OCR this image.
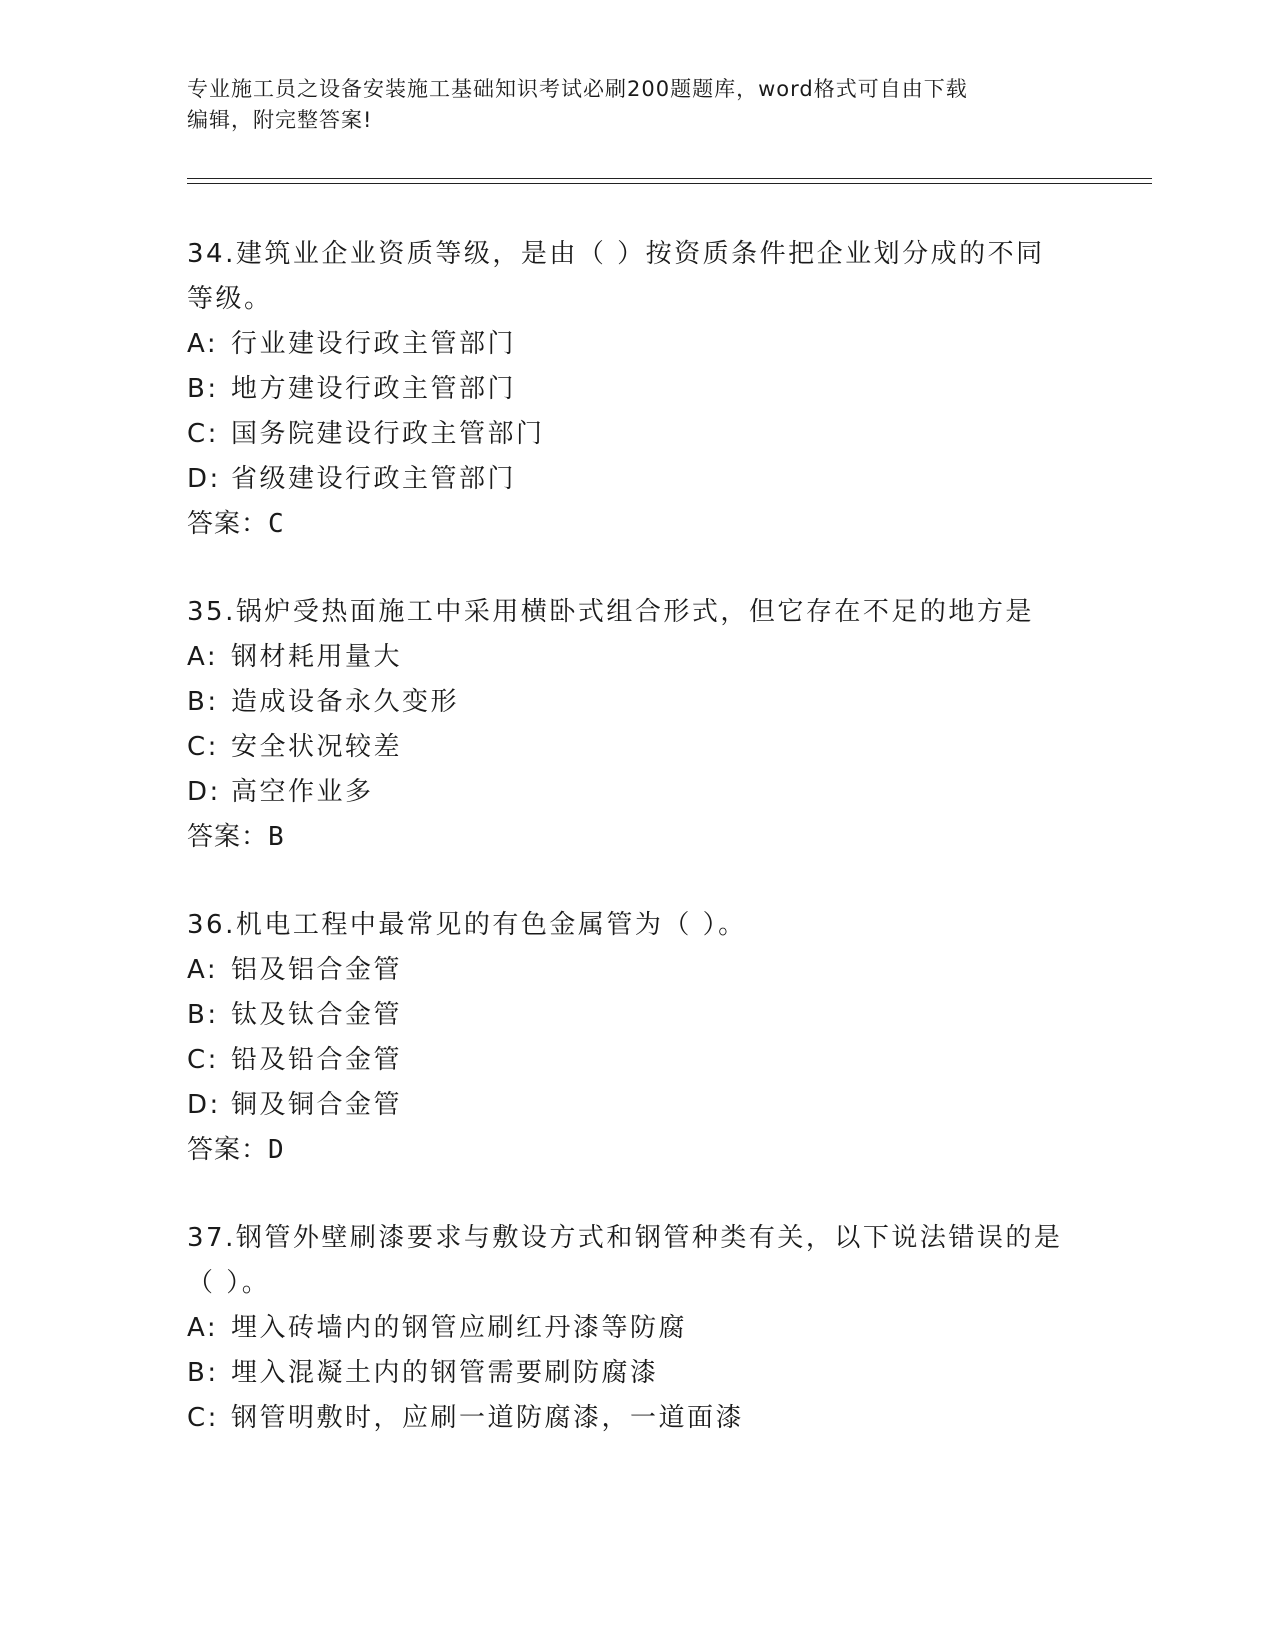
专业施工员之设备安装施工基础知识考试必刷200题题库，word格式可自由下载
编辑，附完整答案!

34.建筑业企业资质等级，是由（ ）按资质条件把企业划分成的不同

等级。

A: 行业建设行政主管部门

B: 地方建设行政主管部门

C: 国务院建设行政主管部门

D: 省级建设行政主管部门

答案：C

35.锅炉受热面施工中采用横卧式组合形式，但它存在不足的地方是

A: 钢材耗用量大

B: 造成设备永久变形

C: 安全状况较差

D: 高空作业多

答案：B

36.机电工程中最常见的有色金属管为（ ）。

A: 铝及铝合金管

B: 钛及钛合金管

C: 铅及铅合金管

D: 铜及铜合金管

答案：D

37.钢管外壁刷漆要求与敷设方式和钢管种类有关，以下说法错误的是

（ ）。

A: 埋入砖墙内的钢管应刷红丹漆等防腐

B: 埋入混凝土内的钢管需要刷防腐漆

C: 钢管明敷时，应刷一道防腐漆，一道面漆
